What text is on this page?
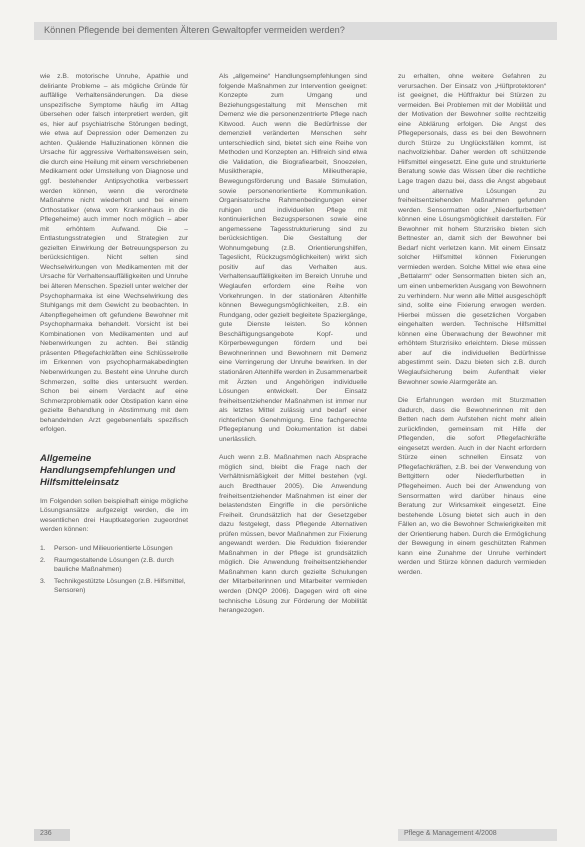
Können Pflegende bei dementen Älteren Gewaltopfer vermeiden werden?

wie z.B. motorische Unruhe, Apathie und deliriante Probleme – als mögliche Gründe für auffällige Verhaltensänderungen. Da diese unspezifische Symptome häufig im Alltag übersehen oder falsch interpretiert werden, gilt es, hier auf psychiatrische Störungen bedingt, wie etwa auf Depression oder Demenzen zu achten. Quälende Halluzinationen können die Ursache für aggressive Verhaltensweisen sein, die durch eine Heilung mit einem verschriebenen Medikament oder Umstellung von Diagnose und ggf. bestehender Antipsychotika verbessert werden können, wenn die verordnete Maßnahme nicht wiederholt und bei einem Orthostatiker (etwa vom Krankenhaus in die Pflegeheime) auch immer noch möglich – aber mit erhöhtem Aufwand. Die – Entlastungsstrategien und Strategien zur gezielten Einwirkung der Betreuungsperson zu berücksichtigen. Nicht selten sind Wechselwirkungen von Medikamenten mit der Ursache für Verhaltensauffälligkeiten und Unruhe bei älteren Menschen. Speziell unter welcher der Psychopharmaka ist eine Wechselwirkung des Stuhlgangs mit dem Gewicht zu beobachten. In Altenpflegeheimen oft gefundene Bewohner mit Psychopharmaka behandelt. Vorsicht ist bei Kombinationen von Medikamenten und auf Nebenwirkungen zu achten. Bei ständig präsenten Pflegefachkräften eine Schlüsselrolle im Erkennen von psychopharmakabedingten Nebenwirkungen zu. Besteht eine Unruhe durch Schmerzen, sollte dies untersucht werden. Schon bei einem Verdacht auf eine Schmerzproblematik oder Obstipation kann eine gezielte Behandlung in Abstimmung mit dem behandelnden Arzt gegebenenfalls spezifisch erfolgen.

Allgemeine Handlungsempfehlungen und Hilfsmitteleinsatz

Im Folgenden sollen beispielhaft einige mögliche Lösungsansätze aufgezeigt werden, die im wesentlichen drei Hauptkategorien zugeordnet werden können:

1. Person- und Milieuorientierte Lösungen
2. Raumgestaltende Lösungen (z.B. durch bauliche Maßnahmen)
3. Technikgestützte Lösungen (z.B. Hilfsmittel, Sensoren)

Als „allgemeine“ Handlungsempfehlungen sind folgende Maßnahmen zur Intervention geeignet: Konzepte zum Umgang und Beziehungsgestaltung mit Menschen mit Demenz wie die personenzentrierte Pflege nach Kitwood. Auch wenn die Bedürfnisse der demenziell veränderten Menschen sehr unterschiedlich sind, bietet sich eine Reihe von Methoden und Konzepten an. Hilfreich sind etwa die Validation, die Biografiearbeit, Snoezelen, Musiktherapie, Milieutherapie, Bewegungsförderung und Basale Stimulation, sowie personenorientierte Kommunikation. Organisatorische Rahmenbedingungen einer ruhigen und individuellen Pflege mit kontinuierlichen Bezugspersonen sowie eine angemessene Tagesstrukturierung sind zu berücksichtigen. Die Gestaltung der Wohnumgebung (z.B. Orientierungshilfen, Tageslicht, Rückzugsmöglichkeiten) wirkt sich positiv auf das Verhalten aus. Verhaltensauffälligkeiten im Bereich Unruhe und Weglaufen erfordern eine Reihe von Vorkehrungen. In der stationären Altenhilfe können Bewegungsmöglichkeiten, z.B. ein Rundgang, oder gezielt begleitete Spaziergänge, gute Dienste leisten. So können Beschäftigungsangebote Kopf- und Körperbewegungen fördern und bei Bewohnerinnen und Bewohnern mit Demenz eine Verringerung der Unruhe bewirken. In der stationären Altenhilfe werden in Zusammenarbeit mit Ärzten und Angehörigen individuelle Lösungen entwickelt. Der Einsatz freiheitsentziehender Maßnahmen ist immer nur als letztes Mittel zulässig und bedarf einer richterlichen Genehmigung. Eine fachgerechte Pflegeplanung und Dokumentation ist dabei unerlässlich.

Auch wenn z.B. Maßnahmen nach Absprache möglich sind, bleibt die Frage nach der Verhältnismäßigkeit der Mittel bestehen (vgl. auch Bredthauer 2005). Die Anwendung freiheitsentziehender Maßnahmen ist einer der belastendsten Eingriffe in die persönliche Freiheit. Grundsätzlich hat der Gesetzgeber dazu festgelegt, dass Pflegende Alternativen prüfen müssen, bevor Maßnahmen zur Fixierung angewandt werden. Die Reduktion fixierender Maßnahmen in der Pflege ist grundsätzlich möglich. Die Anwendung freiheitsentziehender Maßnahmen kann durch gezielte Schulungen der Mitarbeiterinnen und Mitarbeiter vermieden werden (DNQP 2006). Dagegen wird oft eine technische Lösung zur Förderung der Mobilität herangezogen.

zu erhalten, ohne weitere Gefahren zu verursachen. Der Einsatz von „Hüftprotektoren“ ist geeignet, die Hüftfraktur bei Stürzen zu vermeiden. Bei Problemen mit der Mobilität und der Motivation der Bewohner sollte rechtzeitig eine Abklärung erfolgen. Die Angst des Pflegepersonals, dass es bei den Bewohnern durch Stürze zu Unglücksfällen kommt, ist nachvollziehbar. Daher werden oft schützende Hilfsmittel eingesetzt. Eine gute und strukturierte Beratung sowie das Wissen über die rechtliche Lage tragen dazu bei, dass die Angst abgebaut und alternative Lösungen zu freiheitsentziehenden Maßnahmen gefunden werden. Sensormatten oder „Niederflurbetten“ können eine Lösungsmöglichkeit darstellen. Für Bewohner mit hohem Sturzrisiko bieten sich Bettnester an, damit sich der Bewohner bei Bedarf nicht verletzen kann. Mit einem Einsatz solcher Hilfsmittel können Fixierungen vermieden werden. Solche Mittel wie etwa eine „Bettalarm“ oder Sensormatten bieten sich an, um einen unbemerkten Ausgang von Bewohnern zu verhindern. Nur wenn alle Mittel ausgeschöpft sind, sollte eine Fixierung erwogen werden. Hierbei müssen die gesetzlichen Vorgaben eingehalten werden. Technische Hilfsmittel können eine Überwachung der Bewohner mit erhöhtem Sturzrisiko erleichtern. Diese müssen aber auf die individuellen Bedürfnisse abgestimmt sein. Dazu bieten sich z.B. durch Weglaufsicherung beim Aufenthalt vieler Bewohner sowie Alarmgeräte an.

Die Erfahrungen werden mit Sturzmatten dadurch, dass die Bewohnerinnen mit den Betten nach dem Aufstehen nicht mehr allein zurückfinden, gemeinsam mit Hilfe der Pflegenden, die sofort Pflegefachkräfte eingesetzt werden. Auch in der Nacht erfordern Stürze einen schnellen Einsatz von Pflegefachkräften, z.B. bei der Verwendung von Bettgittern oder Niederflurbetten in Pflegeheimen. Auch bei der Anwendung von Sensormatten wird darüber hinaus eine Beratung zur Wirksamkeit eingesetzt. Eine bestehende Lösung bietet sich auch in den Fällen an, wo die Bewohner Schwierigkeiten mit der Orientierung haben. Durch die Ermöglichung der Bewegung in einem geschützten Rahmen kann eine Zunahme der Unruhe verhindert werden und Stürze können dadurch vermieden werden.

236	Pflege & Management 4/2008
